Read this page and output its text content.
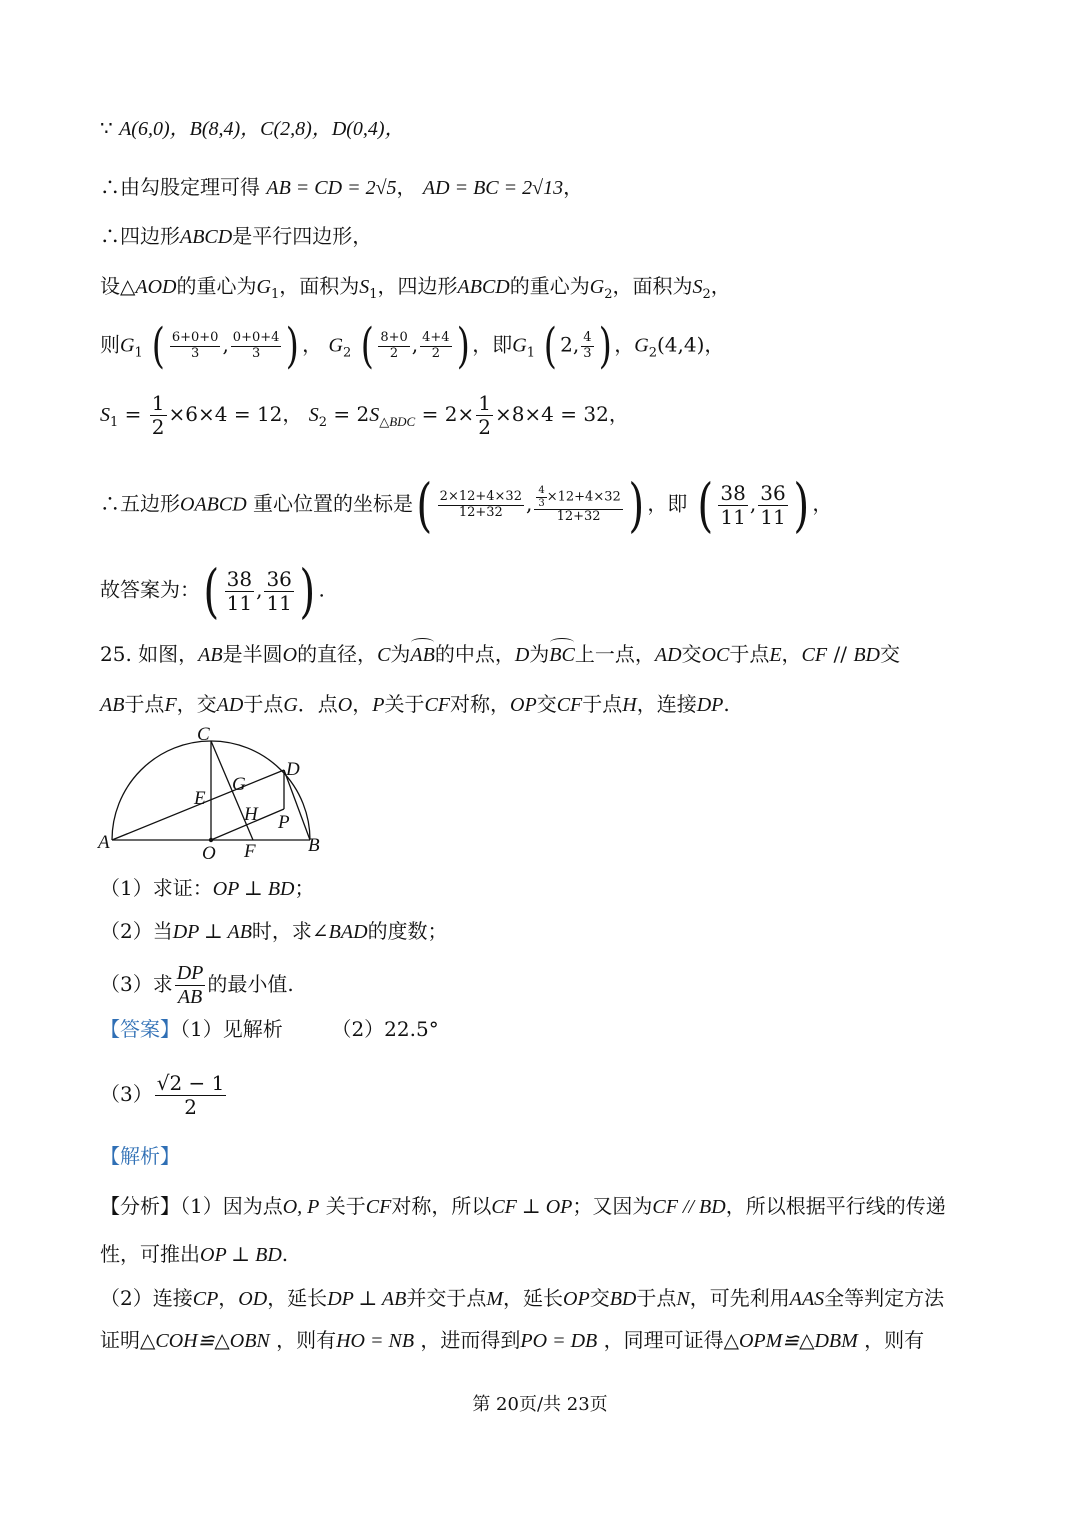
∵ A(6,0)，B(8,4)，C(2,8)，D(0,4)，
∴由勾股定理可得 AB = CD = 2√5， AD = BC = 2√13，
∴四边形ABCD是平行四边形，
设△AOD的重心为$G_1$，面积为$S_1$，四边形ABCD的重心为$G_2$，面积为$S_2$，
则$G_1$ ( $\frac{6+0+0}{3}$ , $\frac{0+0+4}{3}$ ) ， $G_2$ ( $\frac{8+0}{2}$ , $\frac{4+4}{2}$ ) ，即$G_1$ ( 2, $\frac{4}{3}$ ) ，$G_2(4,4)$，
$S_1 = \frac{1}{2} \times 6\times 4 = 12$， $S_2 = 2S_{\triangle BDC} = 2\times \frac{1}{2} \times 8\times 4 = 32$，
∴五边形OABCD 重心位置的坐标是( $\frac{2\times 12+4\times 32}{12+32}$ , $\frac{\frac{4}{3} \times 12+4\times 32}{12+32}$ ) ，即 ( $\frac{38}{11}$ , $\frac{36}{11}$ ) ，
故答案为：( $\frac{38}{11}$ , $\frac{36}{11}$ ) .
25. 如图，AB是半圆O的直径，C为AB的中点，D为BC上一点，AD交OC于点E，CF // BD交
AB于点F，交AD于点G．点O，P关于CF对称，OP交CF于点H，连接DP.
C
D
G
E
H P
A	B
O F
（1）求证：OP ⊥ BD；
（2）当DP ⊥ AB时，求∠BAD的度数；
（3）求 $\frac{DP}{AB}$ 的最小值.
【答案】（1）见解析 （2）22.5°
$(3) \frac{√2 - 1}{2}$
【解析】
【分析】（1）因为点O, P 关于CF对称，所以CF ⊥ OP；又因为CF // BD，所以根据平行线的传递
性，可推出OP ⊥ BD.
（2）连接CP，OD，延长DP ⊥ AB并交于点M，延长OP交BD于点N，可先利用AAS全等判定方法
证明△COH≌△OBN ，则有HO = NB ，进而得到PO = DB ，同理可证得△OPM≌△DBM ，则有
第 20页/共 23页
